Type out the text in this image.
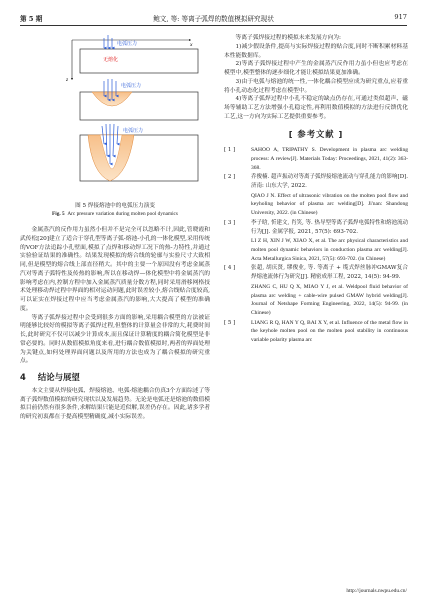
第 5 期	鲍文, 等: 等离子弧焊的数值模拟研究现状	917
x
z
电弧压力
无熔化
电弧压力
电弧压力
图 5 焊接熔池中的电弧压力演变
Fig. 5 Arc pressure variation during molten pool dynamics

金属蒸汽的反作用力虽然小但并不是完全可以忽略不计,因此,管晓霞和武传松[20]建立了适合于穿孔型等离子弧-熔池-小孔的一体化模型,采用传统的VOF方法追踪小孔壁面,模拟了点焊和移动焊工况下的热-力特性,并通过实验验证结果的准确性。结果发现模拟的熔合线的轮廓与实验尺寸大致相同,但是模型的熔合线上部直径稍大。其中的主要一个原因没有考虑金属蒸汽对等离子弧特性及传热的影响,所以在移动焊—体化模型中将金属蒸汽的影响考虑在内,控制方程中加入金属蒸汽质量分数方程,同时采用滑移网格技术处理移动焊过程中界面的相对运动问题,此时误差较小,熔合线贴合度较高,可以证实在焊接过程中应当考虑金属蒸汽的影响,大大提高了模型的准确度。

等离子弧焊接过程中会受到很多方面的影响,采用耦合模型的方法被证明能够比较好的模拟等离子弧焊过程,但整体的计算量会非常的大,耗费时间长,此时研究不仅可以减少计算成本,而且保证计算精度的耦合简化模型是非常必要的。同时从数值模拟角度来看,进行耦合数值模拟时,两者的界面处理为关键点,如何处理界面问题以及所用的方法也成为了耦合模拟的研究重点。

4 结论与展望

本文主要从焊接电弧、焊接熔池、电弧-熔池耦合仿真3个方面综述了等离子弧焊数值模拟的研究现状以及发展趋势。无论是电弧还是熔池的数值模拟目前仍然有很多条件,求解结果只能是近似解,误差仍存在。因此,诸多学者的研究初衷都在于提高模型精确度,减小实际误差。

等离子弧焊接过程的模拟未来发展方向为:

1)减少假设条件,提高与实际焊接过程的贴合度,同时不断积累材料基本性能数据库。

2)等离子弧焊接过程中产生的金属蒸汽反作用力虽小但也应考虑在模型中,模型整体的逐步细化才能让模拟结果更加准确。

3)由于电弧与熔池的统一性,一体化耦合模型应成为研究重点,应着重将小孔动态化过程考虑在模型中。

4)等离子弧焊过程中小孔不稳定的缺点仍存在,可通过类似超声、磁场等辅助工艺方法增强小孔稳定性,再利用数值模拟的方法进行反馈优化工艺,这一方向为实际工艺提供重要参考。

[ 参考文献 ]
[ 1 ]	SAHOO A, TRIPATHY S. Development in plasma arc welding process: A review[J]. Materials Today: Proceedings, 2021, 41(2): 363-368.
[ 2 ]	乔俊楠. 超声振动对等离子弧焊接熔池流动与穿孔能力的影响[D]. 济南: 山东大学, 2022.
QIAO J N. Effect of ultrasonic vibration on the molten pool flow and keyholing behavior of plasma arc welding[D]. Ji'nan: Shandong University, 2022. (in Chinese)
[ 3 ]	李子晗, 忻建文, 肖笑, 等. 热导型等离子弧焊电弧特性和熔池流动行为[J]. 金属学报, 2021, 57(5): 693-702.
LI Z H, XIN J W, XIAO X, et al. The arc physical characteristics and molten pool dynamic behaviors in conduction plasma arc welding[J]. Acta Metallurgica Sinica, 2021, 57(5): 693-702. (in Chinese)
[ 4 ]	张超, 胡庆贤, 缪俊业, 等. 等离子 + 缆式焊丝脉冲GMAW复合焊熔池流体行为研究[J]. 精密成形工程, 2022, 14(5): 94-99.
ZHANG C, HU Q X, MIAO Y J, et al. Weldpool fluid behavior of plasma arc welding + cable-wire pulsed GMAW hybrid welding[J]. Journal of Netshape Forming Engineering, 2022, 14(5): 94-99. (in Chinese)
[ 5 ]	LIANG R Q, HAN Y Q, BAI X Y, et al. Influence of the metal flow in the keyhole molten pool on the molten pool stability in continuous variable polarity plasma arc
http://journals.nwpu.edu.cn/
